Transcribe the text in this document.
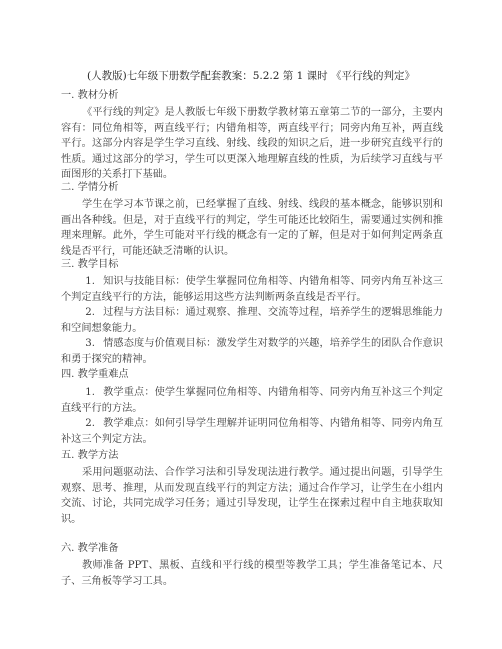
(人教版)七年级下册数学配套教案：5.2.2 第 1 课时 《平行线的判定》
一. 教材分析
《平行线的判定》是人教版七年级下册数学教材第五章第二节的一部分，主要内容有：同位角相等，两直线平行；内错角相等，两直线平行；同旁内角互补，两直线平行。这部分内容是学生学习直线、射线、线段的知识之后，进一步研究直线平行的性质。通过这部分的学习，学生可以更深入地理解直线的性质，为后续学习直线与平面图形的关系打下基础。
二. 学情分析
学生在学习本节课之前，已经掌握了直线、射线、线段的基本概念，能够识别和画出各种线。但是，对于直线平行的判定，学生可能还比较陌生，需要通过实例和推理来理解。此外，学生可能对平行线的概念有一定的了解，但是对于如何判定两条直线是否平行，可能还缺乏清晰的认识。
三. 教学目标
1. 知识与技能目标：使学生掌握同位角相等、内错角相等、同旁内角互补这三个判定直线平行的方法，能够运用这些方法判断两条直线是否平行。
2. 过程与方法目标：通过观察、推理、交流等过程，培养学生的逻辑思维能力和空间想象能力。
3. 情感态度与价值观目标：激发学生对数学的兴趣，培养学生的团队合作意识和勇于探究的精神。
四. 教学重难点
1. 教学重点：使学生掌握同位角相等、内错角相等、同旁内角互补这三个判定直线平行的方法。
2. 教学难点：如何引导学生理解并证明同位角相等、内错角相等、同旁内角互补这三个判定方法。
五. 教学方法
采用问题驱动法、合作学习法和引导发现法进行教学。通过提出问题，引导学生观察、思考、推理，从而发现直线平行的判定方法；通过合作学习，让学生在小组内交流、讨论，共同完成学习任务；通过引导发现，让学生在探索过程中自主地获取知识。
六. 教学准备
教师准备 PPT、黑板、直线和平行线的模型等教学工具；学生准备笔记本、尺子、三角板等学习工具。
